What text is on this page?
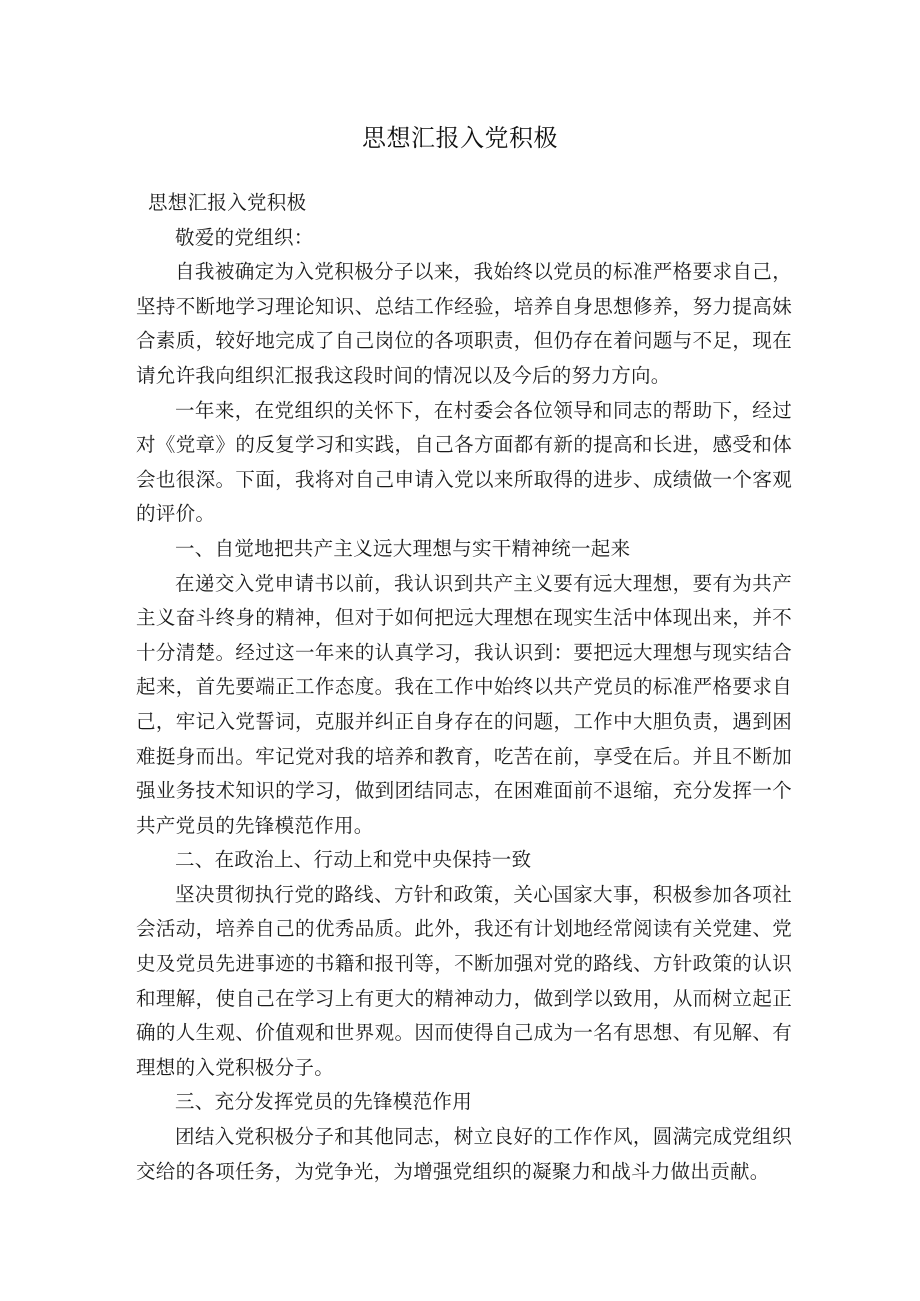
思想汇报入党积极

思想汇报入党积极

敬爱的党组织：

自我被确定为入党积极分子以来，我始终以党员的标准严格要求自己，坚持不断地学习理论知识、总结工作经验，培养自身思想修养，努力提高妹合素质，较好地完成了自己岗位的各项职责，但仍存在着问题与不足，现在请允许我向组织汇报我这段时间的情况以及今后的努力方向。

一年来，在党组织的关怀下，在村委会各位领导和同志的帮助下，经过对《党章》的反复学习和实践，自己各方面都有新的提高和长进，感受和体会也很深。下面，我将对自己申请入党以来所取得的进步、成绩做一个客观的评价。

一、自觉地把共产主义远大理想与实干精神统一起来

在递交入党申请书以前，我认识到共产主义要有远大理想，要有为共产主义奋斗终身的精神，但对于如何把远大理想在现实生活中体现出来，并不十分清楚。经过这一年来的认真学习，我认识到：要把远大理想与现实结合起来，首先要端正工作态度。我在工作中始终以共产党员的标准严格要求自己，牢记入党誓词，克服并纠正自身存在的问题，工作中大胆负责，遇到困难挺身而出。牢记党对我的培养和教育，吃苦在前，享受在后。并且不断加强业务技术知识的学习，做到团结同志，在困难面前不退缩，充分发挥一个共产党员的先锋模范作用。

二、在政治上、行动上和党中央保持一致

坚决贯彻执行党的路线、方针和政策，关心国家大事，积极参加各项社会活动，培养自己的优秀品质。此外，我还有计划地经常阅读有关党建、党史及党员先进事迹的书籍和报刊等，不断加强对党的路线、方针政策的认识和理解，使自己在学习上有更大的精神动力，做到学以致用，从而树立起正确的人生观、价值观和世界观。因而使得自己成为一名有思想、有见解、有理想的入党积极分子。

三、充分发挥党员的先锋模范作用

团结入党积极分子和其他同志，树立良好的工作作风，圆满完成党组织交给的各项任务，为党争光，为增强党组织的凝聚力和战斗力做出贡献。
